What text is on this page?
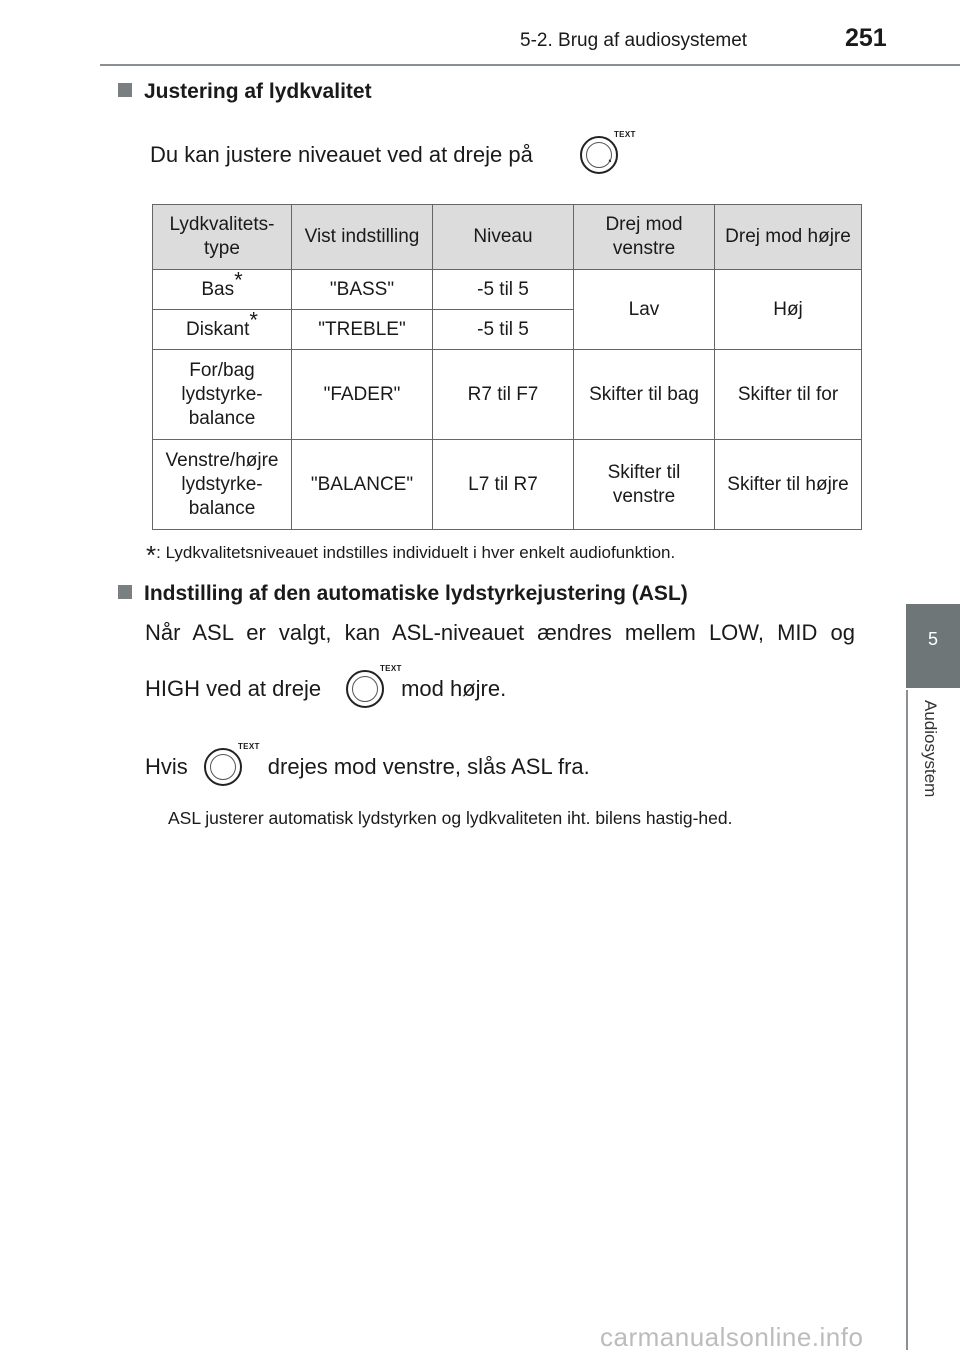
5-2. Brug af audiosystemet	251
5
Audiosystem
Justering af lydkvalitet
Du kan justere niveauet ved at dreje på	.
TEXT
Lydkvalitets-type	Vist indstilling	Niveau	Drej mod venstre	Drej mod højre
Bas*	"BASS"	-5 til 5	Lav	Høj
Diskant*	"TREBLE"	-5 til 5		
For/bag lydstyrke-balance	"FADER"	R7 til F7	Skifter til bag	Skifter til for
Venstre/højre lydstyrke-balance	"BALANCE"	L7 til R7	Skifter til venstre	Skifter til højre
*: Lydkvalitetsniveauet indstilles individuelt i hver enkelt audiofunktion.
Indstilling af den automatiske lydstyrkejustering (ASL)
Når ASL er valgt, kan ASL-niveauet ændres mellem LOW, MID og
HIGH ved at dreje	mod højre.
TEXT
Hvis	drejes mod venstre, slås ASL fra.
TEXT
ASL justerer automatisk lydstyrken og lydkvaliteten iht. bilens hastig-hed.
carmanualsonline.info
